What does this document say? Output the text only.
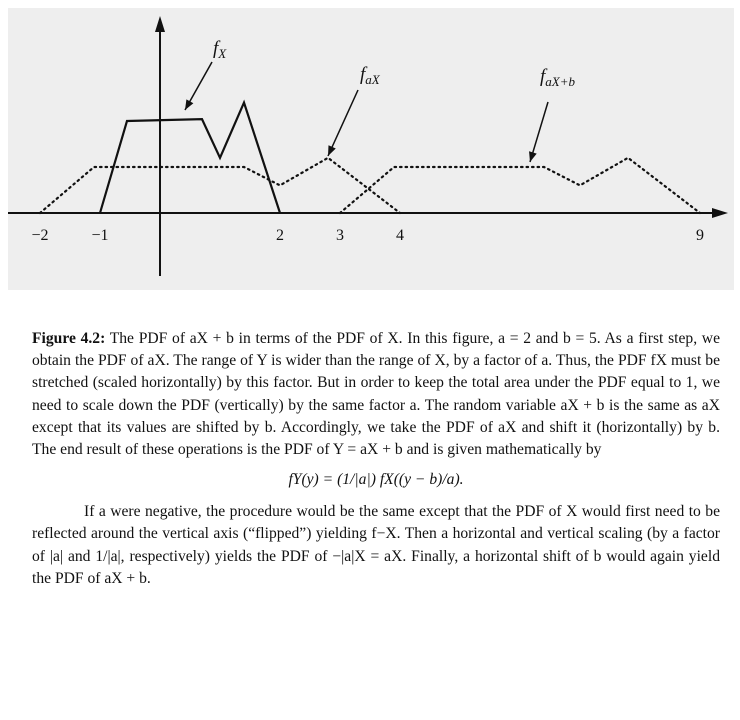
$f_X$
$f_{aX}$	$f_{aX+b}$
−2	−1	2	3	4	9

Figure 4.2: The PDF of aX + b in terms of the PDF of X. In this figure, a = 2 and b = 5. As a first step, we obtain the PDF of aX. The range of Y is wider than the range of X, by a factor of a. Thus, the PDF fX must be stretched (scaled horizontally) by this factor. But in order to keep the total area under the PDF equal to 1, we need to scale down the PDF (vertically) by the same factor a. The random variable aX + b is the same as aX except that its values are shifted by b. Accordingly, we take the PDF of aX and shift it (horizontally) by b. The end result of these operations is the PDF of Y = aX + b and is given mathematically by

fY(y) = (1/|a|) fX((y − b)/a).

If a were negative, the procedure would be the same except that the PDF of X would first need to be reflected around the vertical axis (“flipped”) yielding f−X. Then a horizontal and vertical scaling (by a factor of |a| and 1/|a|, respectively) yields the PDF of −|a|X = aX. Finally, a horizontal shift of b would again yield the PDF of aX + b.
